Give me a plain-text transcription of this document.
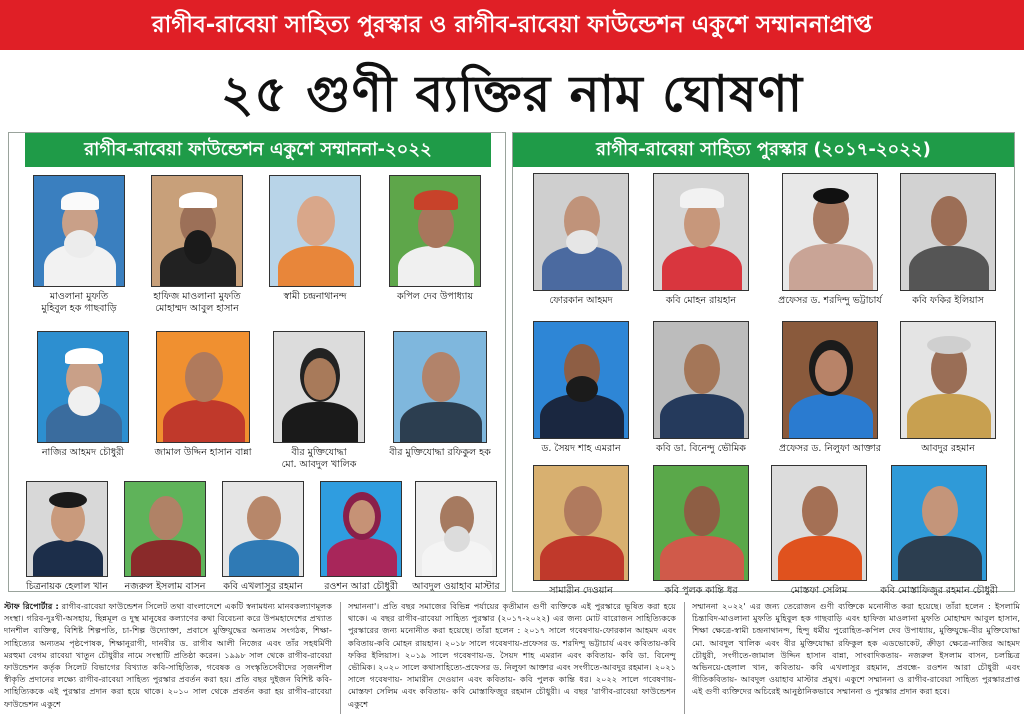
রাগীব-রাবেয়া সাহিত্য পুরস্কার ও রাগীব-রাবেয়া ফাউন্ডেশন একুশে সম্মাননাপ্রাপ্ত
২৫ গুণী ব্যক্তির নাম ঘোষণা
রাগীব-রাবেয়া ফাউন্ডেশন একুশে সম্মাননা-২০২২
মাওলানা মুফতি
মুহিবুল হক গাছবাড়ি
হাফিজ মাওলানা মুফতি
মোহাম্মদ আবুল হাসান
স্বামী চন্দ্রনাথানন্দ	কপিল দেব উপাধ্যায়
নাজির আহমদ চৌধুরী	জামাল উদ্দিন হাসান বান্না	বীর মুক্তিযোদ্ধা
মো. আবদুল খালিক
বীর মুক্তিযোদ্ধা রফিকুল হক
চিত্রনায়ক হেলাল খান	নজরুল ইসলাম বাসন	কবি এখলাসুর রহমান	রওশন আরা চৌধুরী	আবদুল ওয়াহাব মাস্টার
রাগীব-রাবেয়া সাহিত্য পুরস্কার (২০১৭-২০২২)
ফোরকান আহমদ	কবি মোহন রায়হান	প্রফেসর ড. শরদিন্দু ভট্টাচার্য	কবি ফকির ইলিয়াস
ড. সৈয়দ শাহ এমরান	কবি ডা. বিনেন্দু ভৌমিক	প্রফেসর ড. নিলুফা আক্তার	আবদুর রহমান
সামারীন দেওয়ান	কবি পুলক কান্তি ধর	মোস্তফা সেলিম	কবি মোস্তাফিজুর রহমান চৌধুরী
স্টাফ রিপোর্টার : রাগীব-রাবেয়া ফাউন্ডেশন সিলেট তথা বাংলাদেশে একটি স্বনামধন্য মানবকল্যাণমূলক সংস্থা। গরিব-দুঃখী-অসহায়, ছিন্নমূল ও দুস্থ মানুষের কল্যাণের কথা বিবেচনা করে উপমহাদেশের প্রখ্যাত দানশীল ব্যক্তিত্ব, বিশিষ্ট শিল্পপতি, চা-শিল্প উদ্যোক্তা, প্রবাসে মুক্তিযুদ্ধের অন্যতম সংগঠক, শিক্ষা-সাহিত্যের অন্যতম পৃষ্ঠপোষক, শিক্ষানুরাগী, দানবীর ড. রাগীব আলী নিজের এবং তাঁর সহধর্মিণী মরহুমা বেগম রাবেয়া খাতুন চৌধুরীর নামে সংস্থাটি প্রতিষ্ঠা করেন। ১৯৯৮ সাল থেকে রাগীব-রাবেয়া ফাউন্ডেশন কর্তৃক সিলেট বিভাগের বিখ্যাত কবি-সাহিত্যিক, গবেষক ও সংস্কৃতিসেবীদের সৃজনশীল স্বীকৃতি প্রদানের লক্ষ্যে রাগীব-রাবেয়া সাহিত্য পুরস্কার প্রবর্তন করা হয়। প্রতি বছর দুইজন বিশিষ্ট কবি-সাহিত্যিককে এই পুরস্কার প্রদান করা হয়ে থাকে। ২০১০ সাল থেকে প্রবর্তন করা হয় রাগীব-রাবেয়া ফাউন্ডেশন একুশে
সম্মাননা'। প্রতি বছর সমাজের বিভিন্ন পর্যায়ের কৃতীমান গুণী ব্যক্তিকে এই পুরস্কারে ভূষিত করা হয়ে থাকে। এ বছর রাগীব-রাবেয়া সাহিত্য পুরস্কার (২০১৭-২০২২) এর জন্য মোট বারোজন সাহিত্যিককে পুরস্কারের জন্য মনোনীত করা হয়েছে। তাঁরা হলেন : ২০১৭ সালে গবেষণায়-ফোরকান আহমদ এবং কবিতায়-কবি মোহন রায়হান। ২০১৮ সালে গবেষণায়-প্রফেসর ড. শরদিন্দু ভট্টাচার্য এবং কবিতায়-কবি ফকির ইলিয়াস। ২০১৯ সালে গবেষণায়-ড. সৈয়দ শাহ এমরান এবং কবিতায়- কবি ডা. বিনেন্দু ভৌমিক। ২০২০ সালে কথাসাহিত্যে-প্রফেসর ড. নিলুফা আক্তার এবং সংগীতে-আবদুর রহমান। ২০২১ সালে গবেষণায়- সামারীন দেওয়ান এবং কবিতায়- কবি পুলক কান্তি ধর। ২০২২ সালে গবেষণায়- মোস্তফা সেলিম এবং কবিতায়- কবি মোস্তাফিজুর রহমান চৌধুরী। এ বছর 'রাগীব-রাবেয়া ফাউন্ডেশন একুশে
সম্মাননা ২০২২' এর জন্য তেরোজন গুণী ব্যক্তিকে মনোনীত করা হয়েছে। তাঁরা হলেন : ইসলামি চিন্তাবিদ-মাওলানা মুফতি মুহিবুল হক গাছবাড়ি এবং হাফিজ মাওলানা মুফতি মোহাম্মদ আবুল হাসান, শিক্ষা ক্ষেত্রে-স্বামী চন্দ্রনাথানন্দ, হিন্দু ধর্মীয় পুরোহিত-কপিল দেব উপাধ্যায়, মুক্তিযুদ্ধে-বীর মুক্তিযোদ্ধা মো. আবদুল খালিক এবং বীর মুক্তিযোদ্ধা রফিকুল হক এডভোকেট, ক্রীড়া ক্ষেত্রে-নাজির আহমদ চৌধুরী, সংগীতে-জামাল উদ্দিন হাসান বান্না, সাংবাদিকতায়- নজরুল ইসলাম বাসন, চলচ্চিত্র অভিনয়ে-হেলাল খান, কবিতায়- কবি এখলাসুর রহমান, প্রবন্ধে- রওশন আরা চৌধুরী এবং গীতিকবিতায়- আবদুল ওয়াহাব মাস্টার প্রমুখ। একুশে সম্মাননা ও রাগীব-রাবেয়া সাহিত্য পুরস্কারপ্রাপ্ত এই গুণী ব্যক্তিদের অচিরেই আনুষ্ঠানিকভাবে সম্মাননা ও পুরস্কার প্রদান করা হবে।
